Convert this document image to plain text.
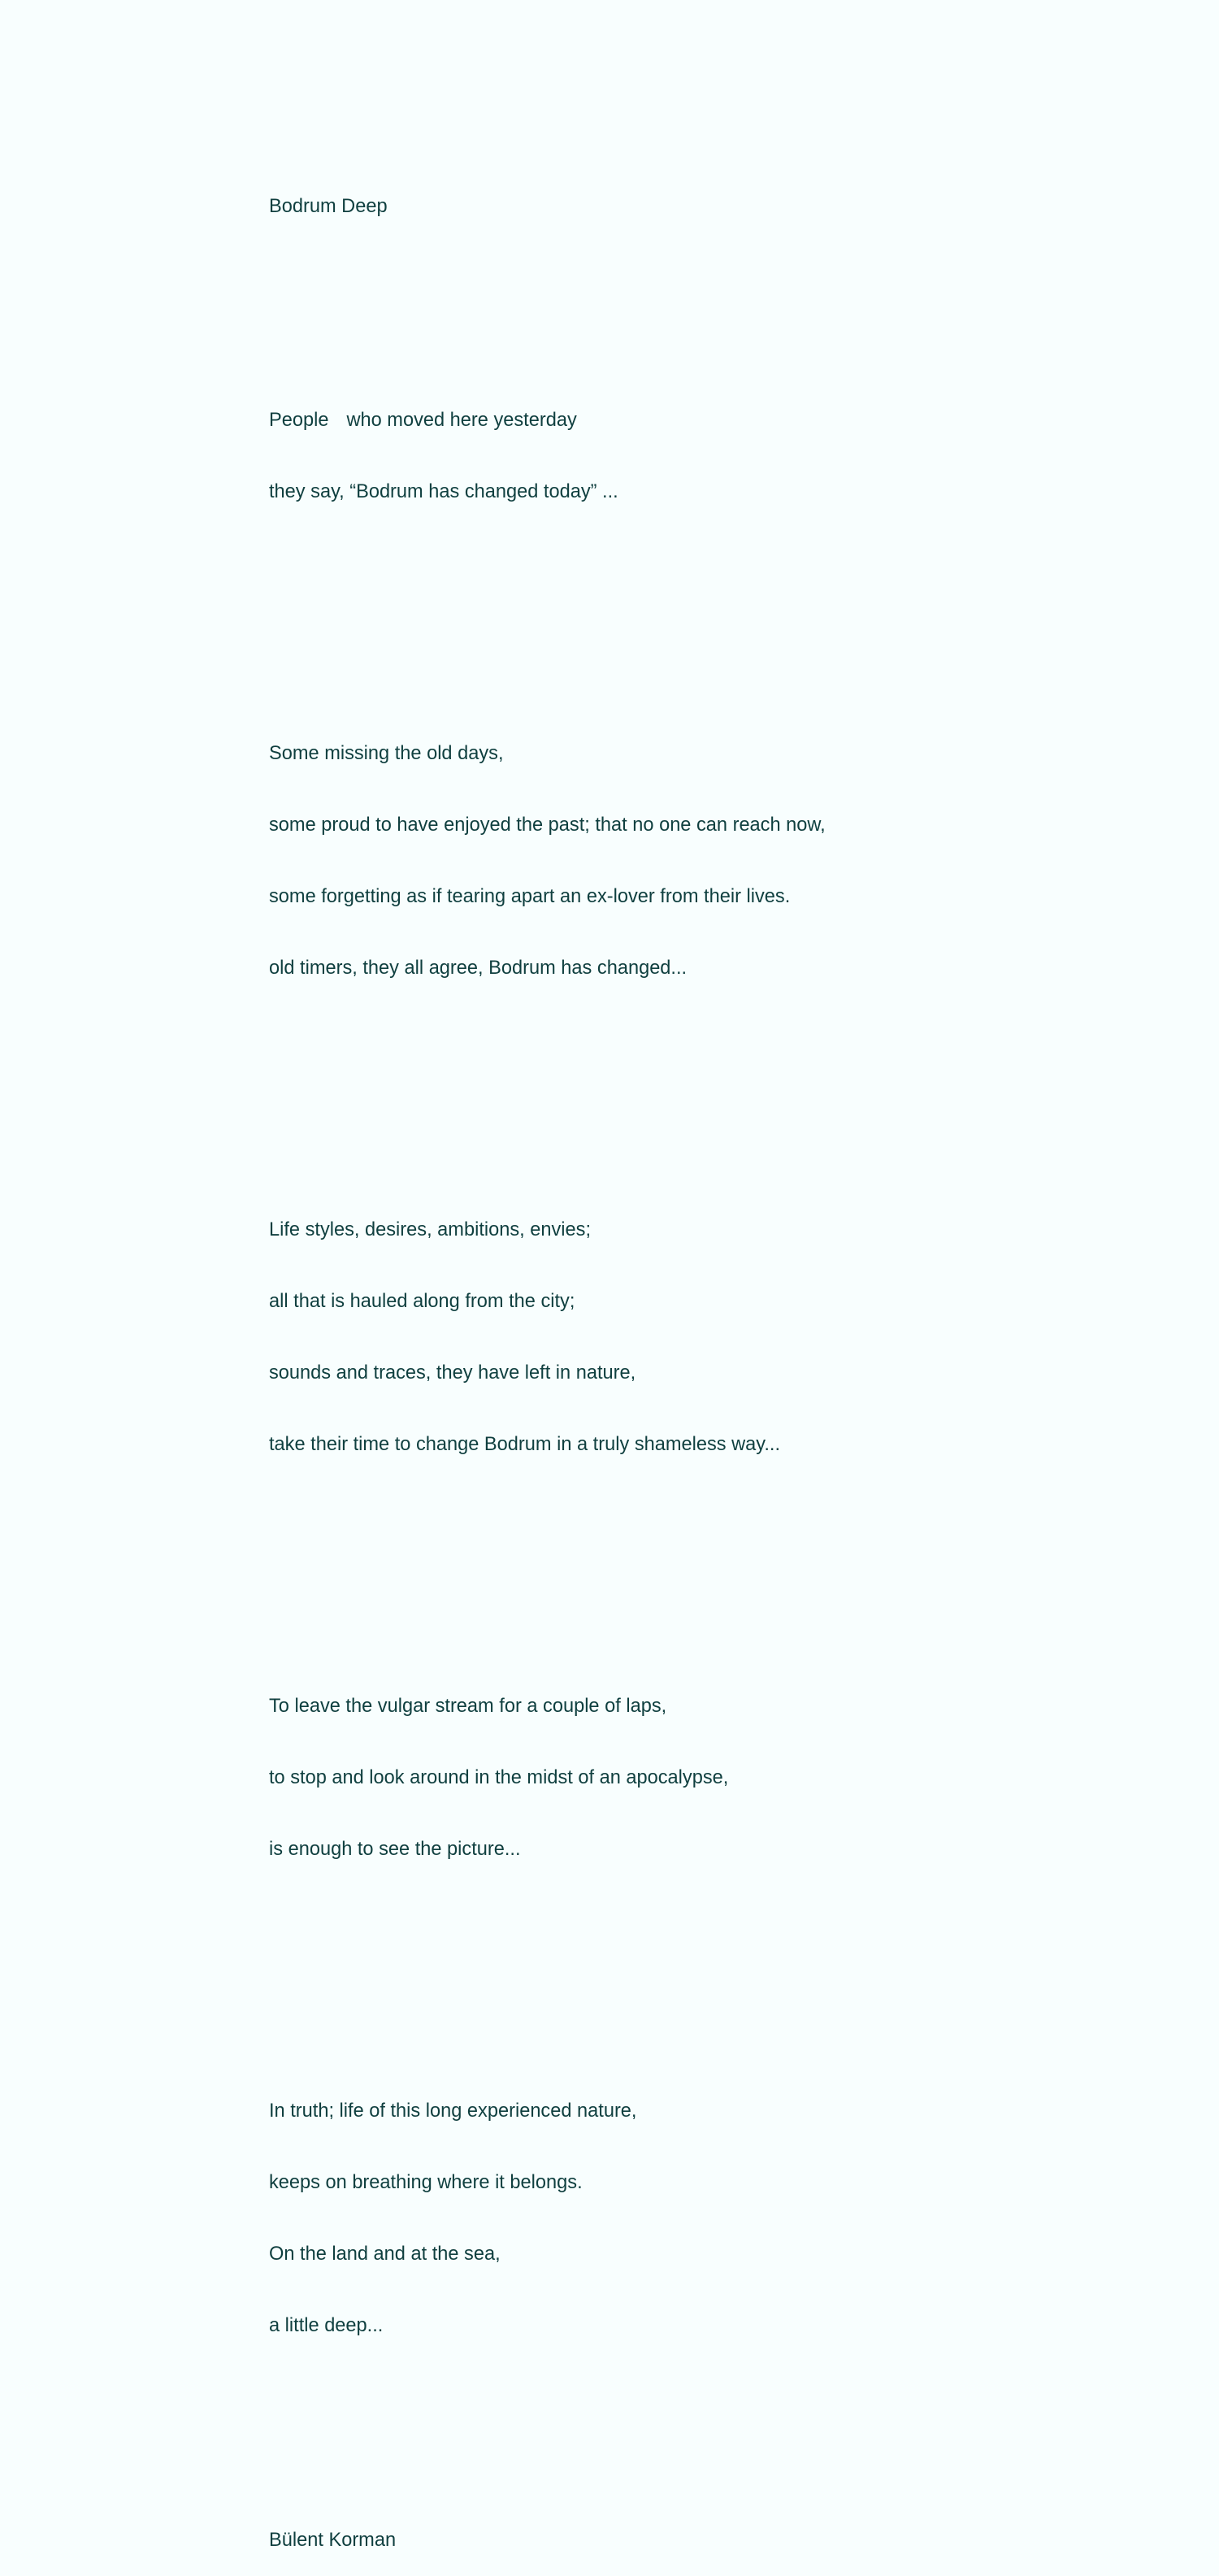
Bodrum Deep

People who moved here yesterday

they say, “Bodrum has changed today” ...

Some missing the old days,

some proud to have enjoyed the past; that no one can reach now,

some forgetting as if tearing apart an ex-lover from their lives.

old timers, they all agree, Bodrum has changed...

Life styles, desires, ambitions, envies;

all that is hauled along from the city;

sounds and traces, they have left in nature,

take their time to change Bodrum in a truly shameless way...

To leave the vulgar stream for a couple of laps,

to stop and look around in the midst of an apocalypse,

is enough to see the picture...

In truth; life of this long experienced nature,

keeps on breathing where it belongs.

On the land and at the sea,

a little deep...

Bülent Korman
